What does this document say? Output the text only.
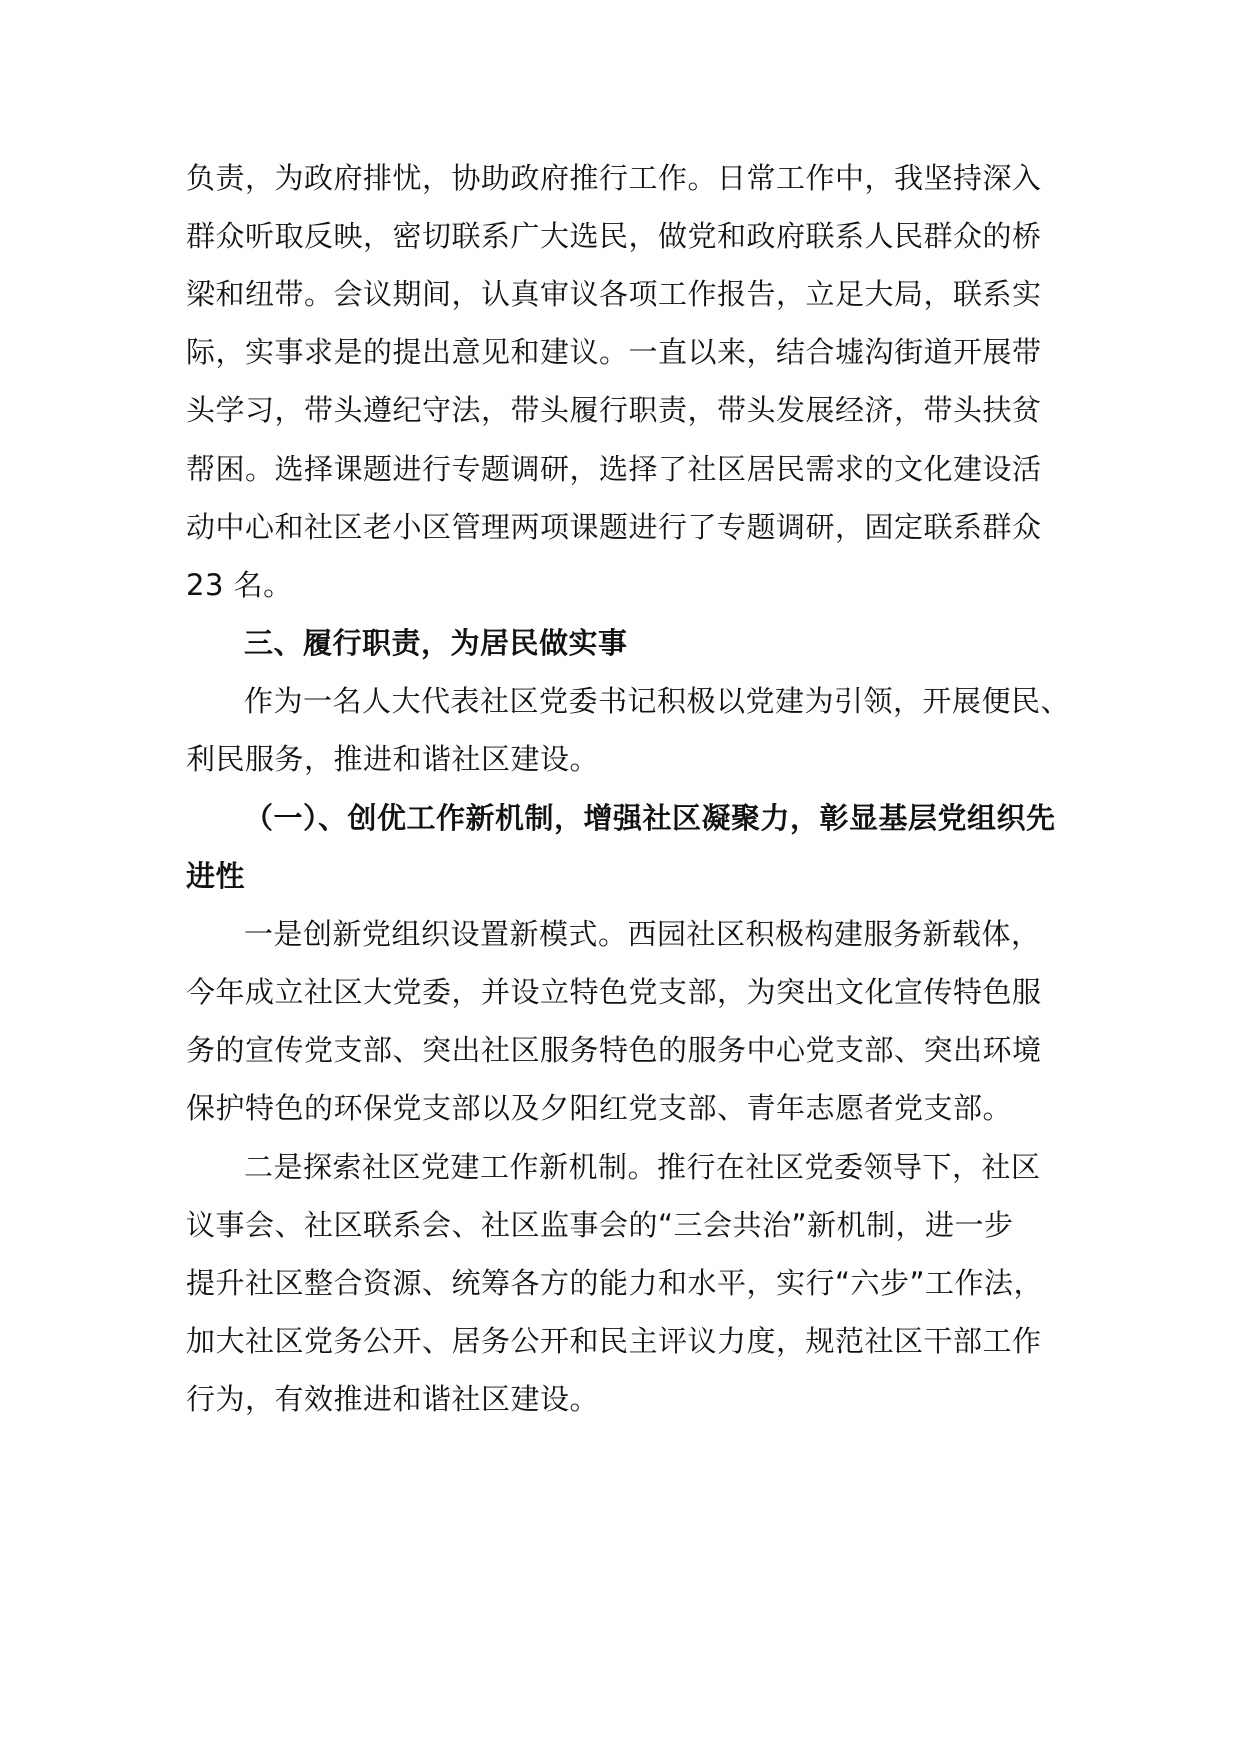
负责，为政府排忧，协助政府推行工作。日常工作中，我坚持深入
群众听取反映，密切联系广大选民，做党和政府联系人民群众的桥
梁和纽带。会议期间，认真审议各项工作报告，立足大局，联系实
际，实事求是的提出意见和建议。一直以来，结合墟沟街道开展带
头学习，带头遵纪守法，带头履行职责，带头发展经济，带头扶贫
帮困。选择课题进行专题调研，选择了社区居民需求的文化建设活
动中心和社区老小区管理两项课题进行了专题调研，固定联系群众
23 名。
三、履行职责，为居民做实事
作为一名人大代表社区党委书记积极以党建为引领，开展便民、
利民服务，推进和谐社区建设。
（一）、创优工作新机制，增强社区凝聚力，彰显基层党组织先
进性
一是创新党组织设置新模式。西园社区积极构建服务新载体，
今年成立社区大党委，并设立特色党支部，为突出文化宣传特色服
务的宣传党支部、突出社区服务特色的服务中心党支部、突出环境
保护特色的环保党支部以及夕阳红党支部、青年志愿者党支部。
二是探索社区党建工作新机制。推行在社区党委领导下，社区
议事会、社区联系会、社区监事会的“三会共治”新机制，进一步
提升社区整合资源、统筹各方的能力和水平，实行“六步”工作法，
加大社区党务公开、居务公开和民主评议力度，规范社区干部工作
行为，有效推进和谐社区建设。
